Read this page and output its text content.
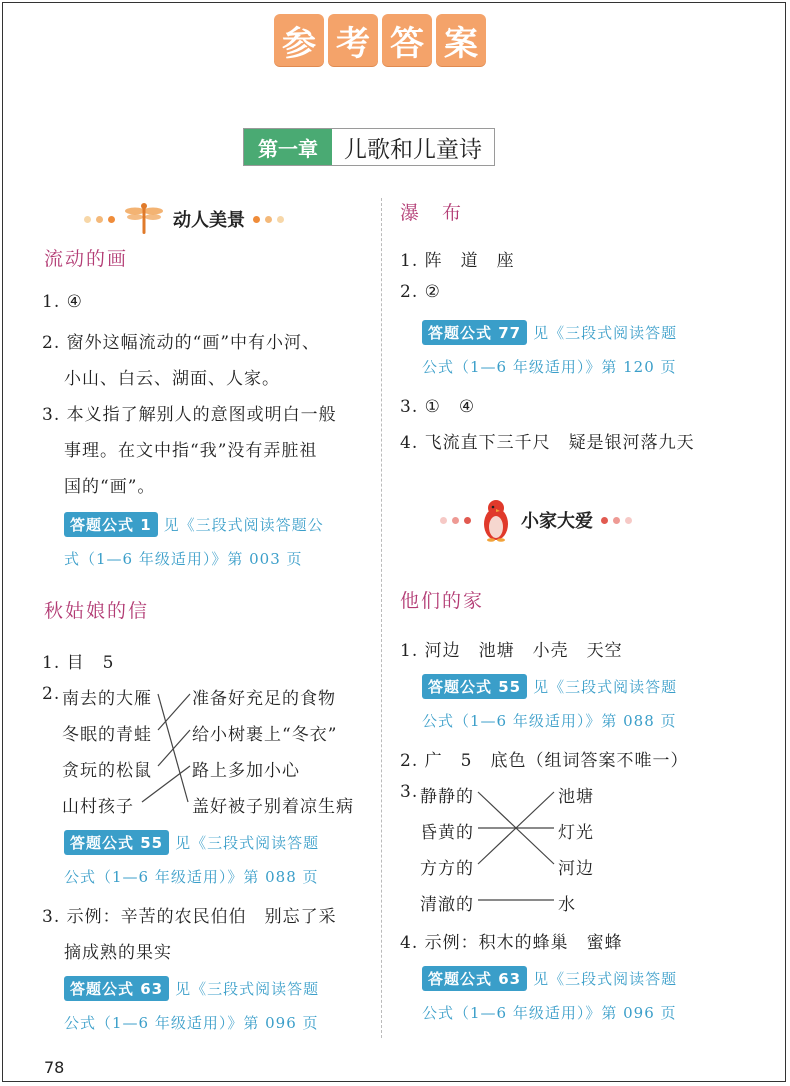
参 考 答 案
第一章	儿歌和儿童诗
动人美景
流动的画
1. ④
2. 窗外这幅流动的“画”中有小河、
小山、白云、湖面、人家。
3. 本义指了解别人的意图或明白一般
事理。在文中指“我”没有弄脏祖
国的“画”。
答题公式 1 见《三段式阅读答题公
式（1—6 年级适用）》第 003 页
秋姑娘的信
1. 目　5
2. 南去的大雁
冬眠的青蛙
贪玩的松鼠
山村孩子
准备好充足的食物
给小树裹上“冬衣”
路上多加小心
盖好被子别着凉生病
答题公式 55 见《三段式阅读答题
公式（1—6 年级适用）》第 088 页
3. 示例：辛苦的农民伯伯　别忘了采
摘成熟的果实
答题公式 63 见《三段式阅读答题
公式（1—6 年级适用）》第 096 页
瀑　布
1. 阵　道　座
2. ②
答题公式 77 见《三段式阅读答题
公式（1—6 年级适用）》第 120 页
3. ①　④
4. 飞流直下三千尺　疑是银河落九天
小家大爱
他们的家
1. 河边　池塘　小壳　天空
答题公式 55 见《三段式阅读答题
公式（1—6 年级适用）》第 088 页
2. 广　5　底色（组词答案不唯一）
3. 静静的
昏黄的
方方的
清澈的
池塘
灯光
河边
水
4. 示例：积木的蜂巢　蜜蜂
答题公式 63 见《三段式阅读答题
公式（1—6 年级适用）》第 096 页
78
